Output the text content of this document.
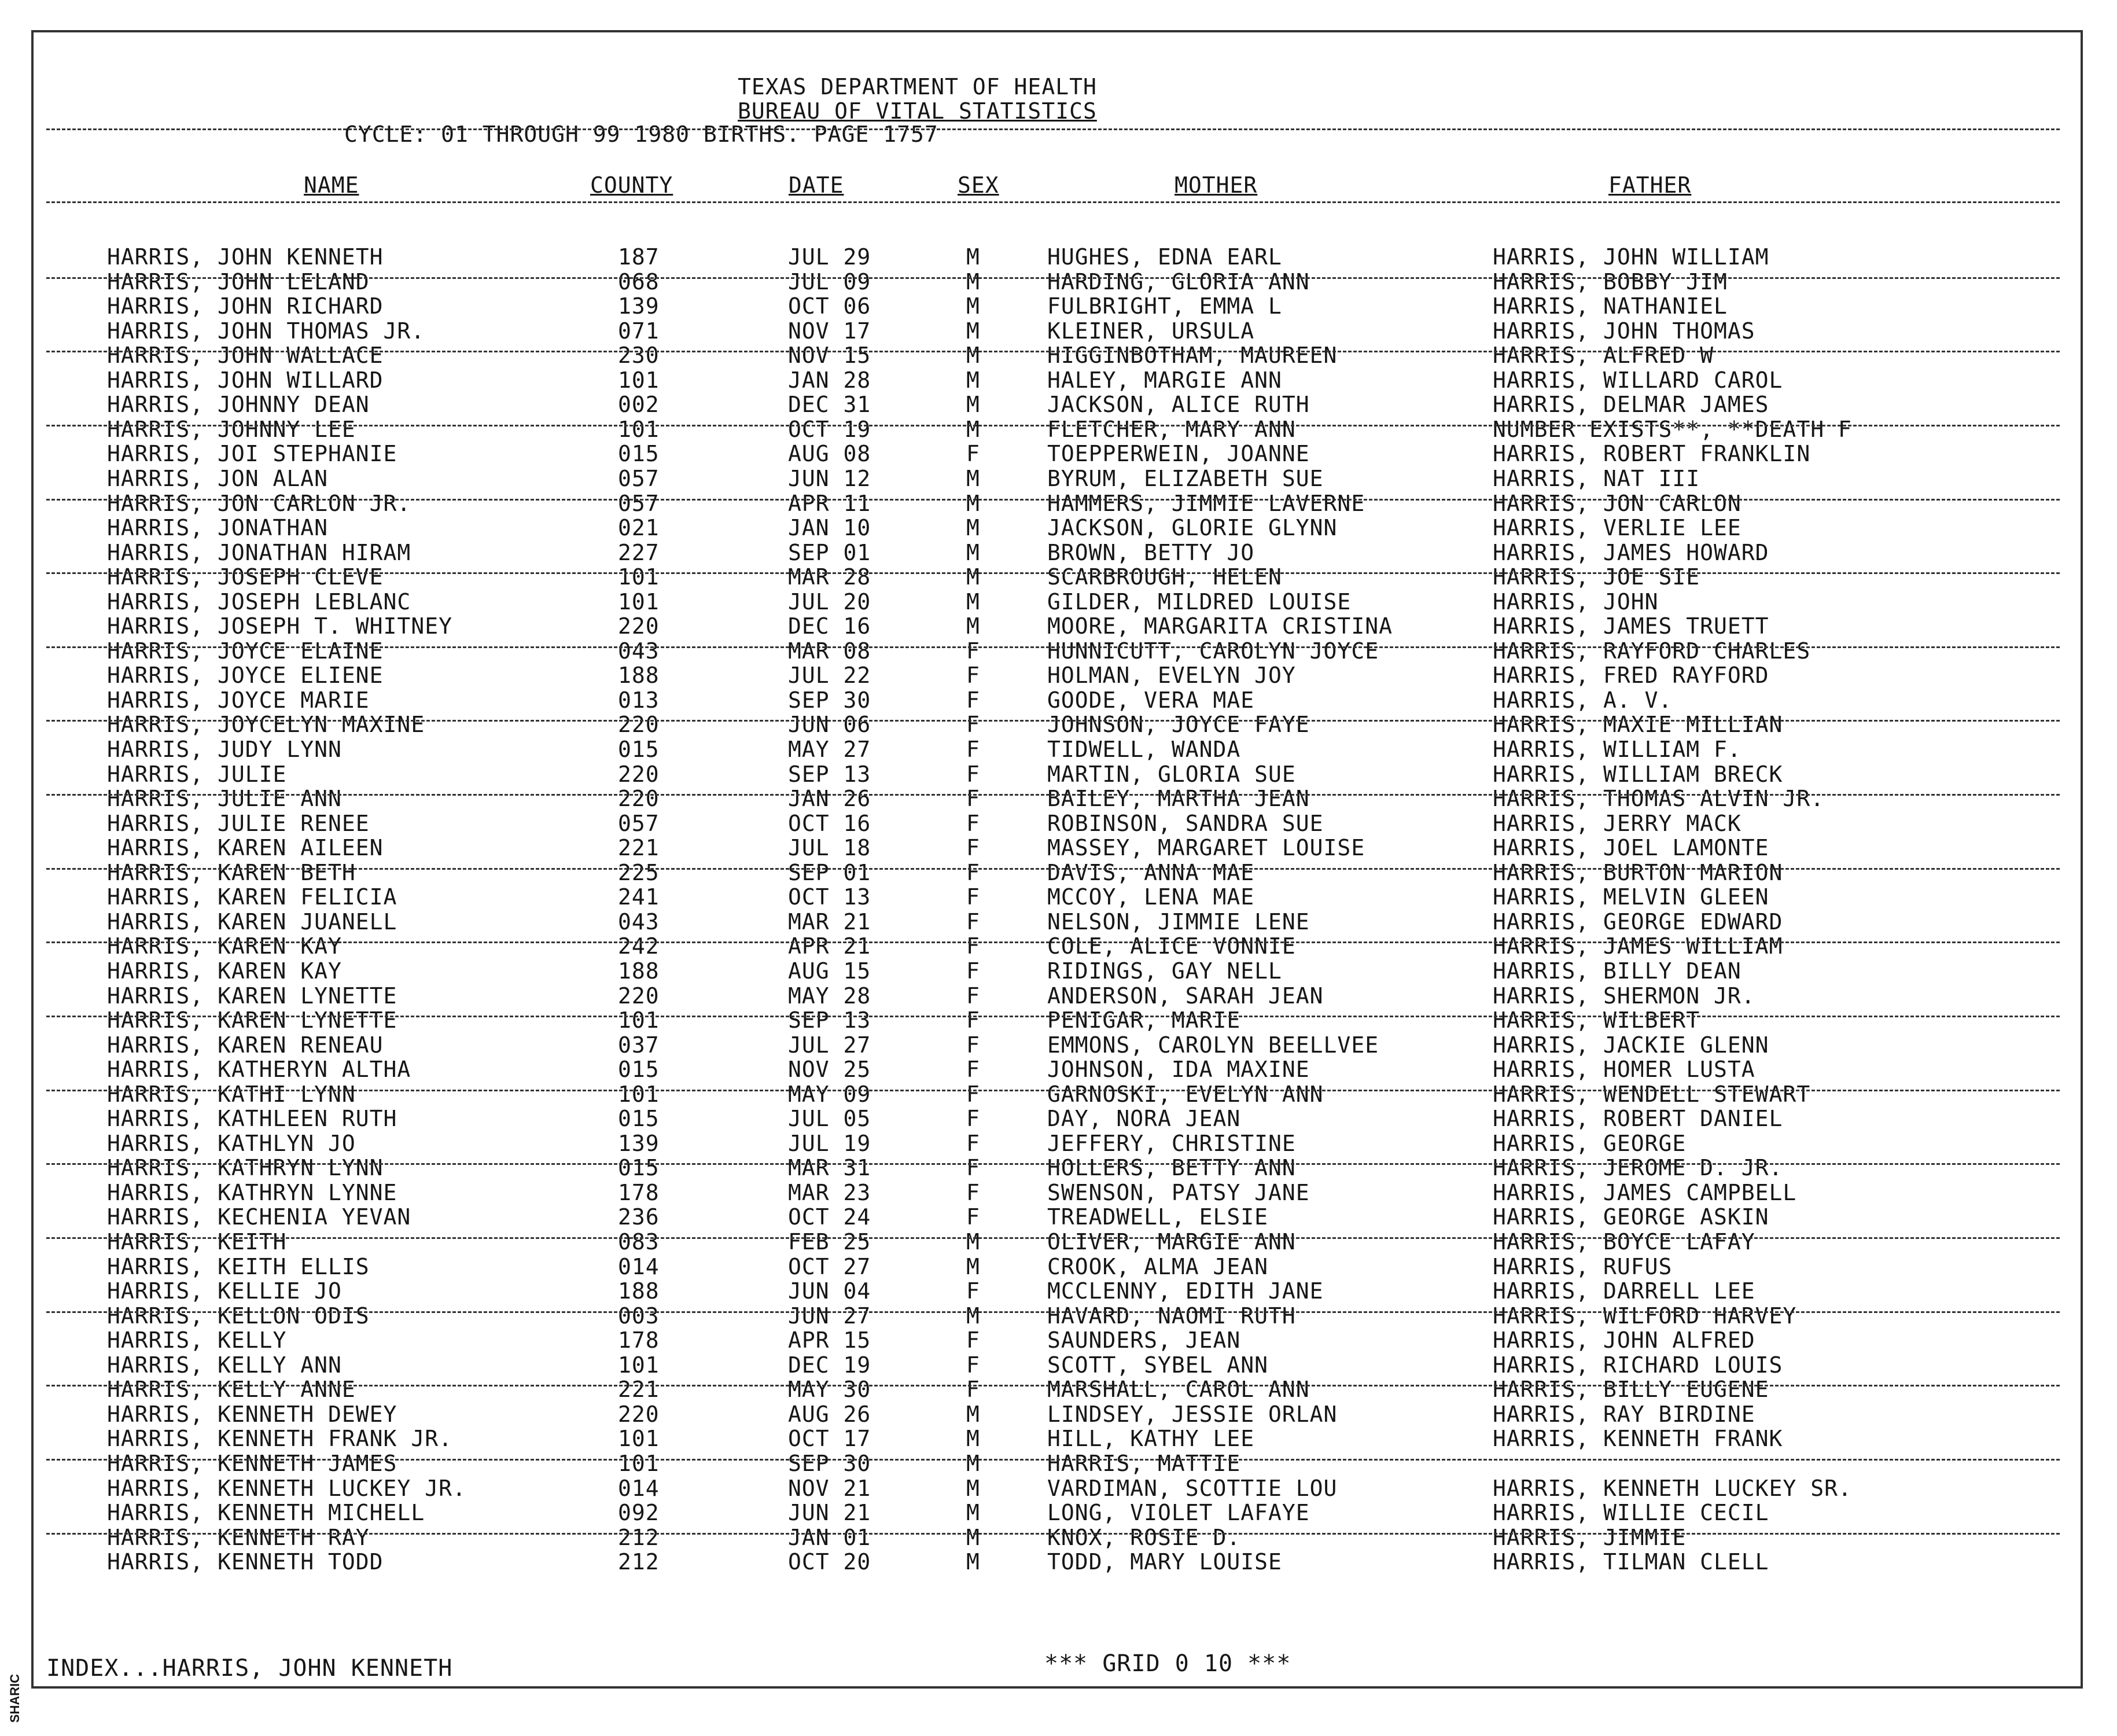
TEXAS DEPARTMENT OF HEALTH
BUREAU OF VITAL STATISTICS
CYCLE: 01 THROUGH 99 1980 BIRTHS. PAGE 1757
NAME	COUNTY	DATE	SEX	MOTHER	FATHER
HARRIS, JOHN KENNETH	187	JUL 29	M	HUGHES, EDNA EARL	HARRIS, JOHN WILLIAM
HARRIS, JOHN LELAND	068	JUL 09	M	HARDING, GLORIA ANN	HARRIS, BOBBY JIM
HARRIS, JOHN RICHARD	139	OCT 06	M	FULBRIGHT, EMMA L	HARRIS, NATHANIEL
HARRIS, JOHN THOMAS JR.	071	NOV 17	M	KLEINER, URSULA	HARRIS, JOHN THOMAS
HARRIS, JOHN WALLACE	230	NOV 15	M	HIGGINBOTHAM, MAUREEN	HARRIS, ALFRED W
HARRIS, JOHN WILLARD	101	JAN 28	M	HALEY, MARGIE ANN	HARRIS, WILLARD CAROL
HARRIS, JOHNNY DEAN	002	DEC 31	M	JACKSON, ALICE RUTH	HARRIS, DELMAR JAMES
HARRIS, JOHNNY LEE	101	OCT 19	M	FLETCHER, MARY ANN	NUMBER EXISTS**, **DEATH F
HARRIS, JOI STEPHANIE	015	AUG 08	F	TOEPPERWEIN, JOANNE	HARRIS, ROBERT FRANKLIN
HARRIS, JON ALAN	057	JUN 12	M	BYRUM, ELIZABETH SUE	HARRIS, NAT III
HARRIS, JON CARLON JR.	057	APR 11	M	HAMMERS, JIMMIE LAVERNE	HARRIS, JON CARLON
HARRIS, JONATHAN	021	JAN 10	M	JACKSON, GLORIE GLYNN	HARRIS, VERLIE LEE
HARRIS, JONATHAN HIRAM	227	SEP 01	M	BROWN, BETTY JO	HARRIS, JAMES HOWARD
HARRIS, JOSEPH CLEVE	101	MAR 28	M	SCARBROUGH, HELEN	HARRIS, JOE SIE
HARRIS, JOSEPH LEBLANC	101	JUL 20	M	GILDER, MILDRED LOUISE	HARRIS, JOHN
HARRIS, JOSEPH T. WHITNEY	220	DEC 16	M	MOORE, MARGARITA CRISTINA	HARRIS, JAMES TRUETT
HARRIS, JOYCE ELAINE	043	MAR 08	F	HUNNICUTT, CAROLYN JOYCE	HARRIS, RAYFORD CHARLES
HARRIS, JOYCE ELIENE	188	JUL 22	F	HOLMAN, EVELYN JOY	HARRIS, FRED RAYFORD
HARRIS, JOYCE MARIE	013	SEP 30	F	GOODE, VERA MAE	HARRIS, A. V.
HARRIS, JOYCELYN MAXINE	220	JUN 06	F	JOHNSON, JOYCE FAYE	HARRIS, MAXIE MILLIAN
HARRIS, JUDY LYNN	015	MAY 27	F	TIDWELL, WANDA	HARRIS, WILLIAM F.
HARRIS, JULIE	220	SEP 13	F	MARTIN, GLORIA SUE	HARRIS, WILLIAM BRECK
HARRIS, JULIE ANN	220	JAN 26	F	BAILEY, MARTHA JEAN	HARRIS, THOMAS ALVIN JR.
HARRIS, JULIE RENEE	057	OCT 16	F	ROBINSON, SANDRA SUE	HARRIS, JERRY MACK
HARRIS, KAREN AILEEN	221	JUL 18	F	MASSEY, MARGARET LOUISE	HARRIS, JOEL LAMONTE
HARRIS, KAREN BETH	225	SEP 01	F	DAVIS, ANNA MAE	HARRIS, BURTON MARION
HARRIS, KAREN FELICIA	241	OCT 13	F	MCCOY, LENA MAE	HARRIS, MELVIN GLEEN
HARRIS, KAREN JUANELL	043	MAR 21	F	NELSON, JIMMIE LENE	HARRIS, GEORGE EDWARD
HARRIS, KAREN KAY	242	APR 21	F	COLE, ALICE VONNIE	HARRIS, JAMES WILLIAM
HARRIS, KAREN KAY	188	AUG 15	F	RIDINGS, GAY NELL	HARRIS, BILLY DEAN
HARRIS, KAREN LYNETTE	220	MAY 28	F	ANDERSON, SARAH JEAN	HARRIS, SHERMON JR.
HARRIS, KAREN LYNETTE	101	SEP 13	F	PENIGAR, MARIE	HARRIS, WILBERT
HARRIS, KAREN RENEAU	037	JUL 27	F	EMMONS, CAROLYN BEELLVEE	HARRIS, JACKIE GLENN
HARRIS, KATHERYN ALTHA	015	NOV 25	F	JOHNSON, IDA MAXINE	HARRIS, HOMER LUSTA
HARRIS, KATHI LYNN	101	MAY 09	F	GARNOSKI, EVELYN ANN	HARRIS, WENDELL STEWART
HARRIS, KATHLEEN RUTH	015	JUL 05	F	DAY, NORA JEAN	HARRIS, ROBERT DANIEL
HARRIS, KATHLYN JO	139	JUL 19	F	JEFFERY, CHRISTINE	HARRIS, GEORGE
HARRIS, KATHRYN LYNN	015	MAR 31	F	HOLLERS, BETTY ANN	HARRIS, JEROME D. JR.
HARRIS, KATHRYN LYNNE	178	MAR 23	F	SWENSON, PATSY JANE	HARRIS, JAMES CAMPBELL
HARRIS, KECHENIA YEVAN	236	OCT 24	F	TREADWELL, ELSIE	HARRIS, GEORGE ASKIN
HARRIS, KEITH	083	FEB 25	M	OLIVER, MARGIE ANN	HARRIS, BOYCE LAFAY
HARRIS, KEITH ELLIS	014	OCT 27	M	CROOK, ALMA JEAN	HARRIS, RUFUS
HARRIS, KELLIE JO	188	JUN 04	F	MCCLENNY, EDITH JANE	HARRIS, DARRELL LEE
HARRIS, KELLON ODIS	003	JUN 27	M	HAVARD, NAOMI RUTH	HARRIS, WILFORD HARVEY
HARRIS, KELLY	178	APR 15	F	SAUNDERS, JEAN	HARRIS, JOHN ALFRED
HARRIS, KELLY ANN	101	DEC 19	F	SCOTT, SYBEL ANN	HARRIS, RICHARD LOUIS
HARRIS, KELLY ANNE	221	MAY 30	F	MARSHALL, CAROL ANN	HARRIS, BILLY EUGENE
HARRIS, KENNETH DEWEY	220	AUG 26	M	LINDSEY, JESSIE ORLAN	HARRIS, RAY BIRDINE
HARRIS, KENNETH FRANK JR.	101	OCT 17	M	HILL, KATHY LEE	HARRIS, KENNETH FRANK
HARRIS, KENNETH JAMES	101	SEP 30	M	HARRIS, MATTIE
HARRIS, KENNETH LUCKEY JR.	014	NOV 21	M	VARDIMAN, SCOTTIE LOU	HARRIS, KENNETH LUCKEY SR.
HARRIS, KENNETH MICHELL	092	JUN 21	M	LONG, VIOLET LAFAYE	HARRIS, WILLIE CECIL
HARRIS, KENNETH RAY	212	JAN 01	M	KNOX, ROSIE D.	HARRIS, JIMMIE
HARRIS, KENNETH TODD	212	OCT 20	M	TODD, MARY LOUISE	HARRIS, TILMAN CLELL
INDEX...HARRIS, JOHN KENNETH	*** GRID 0 10 ***
SHARIC
